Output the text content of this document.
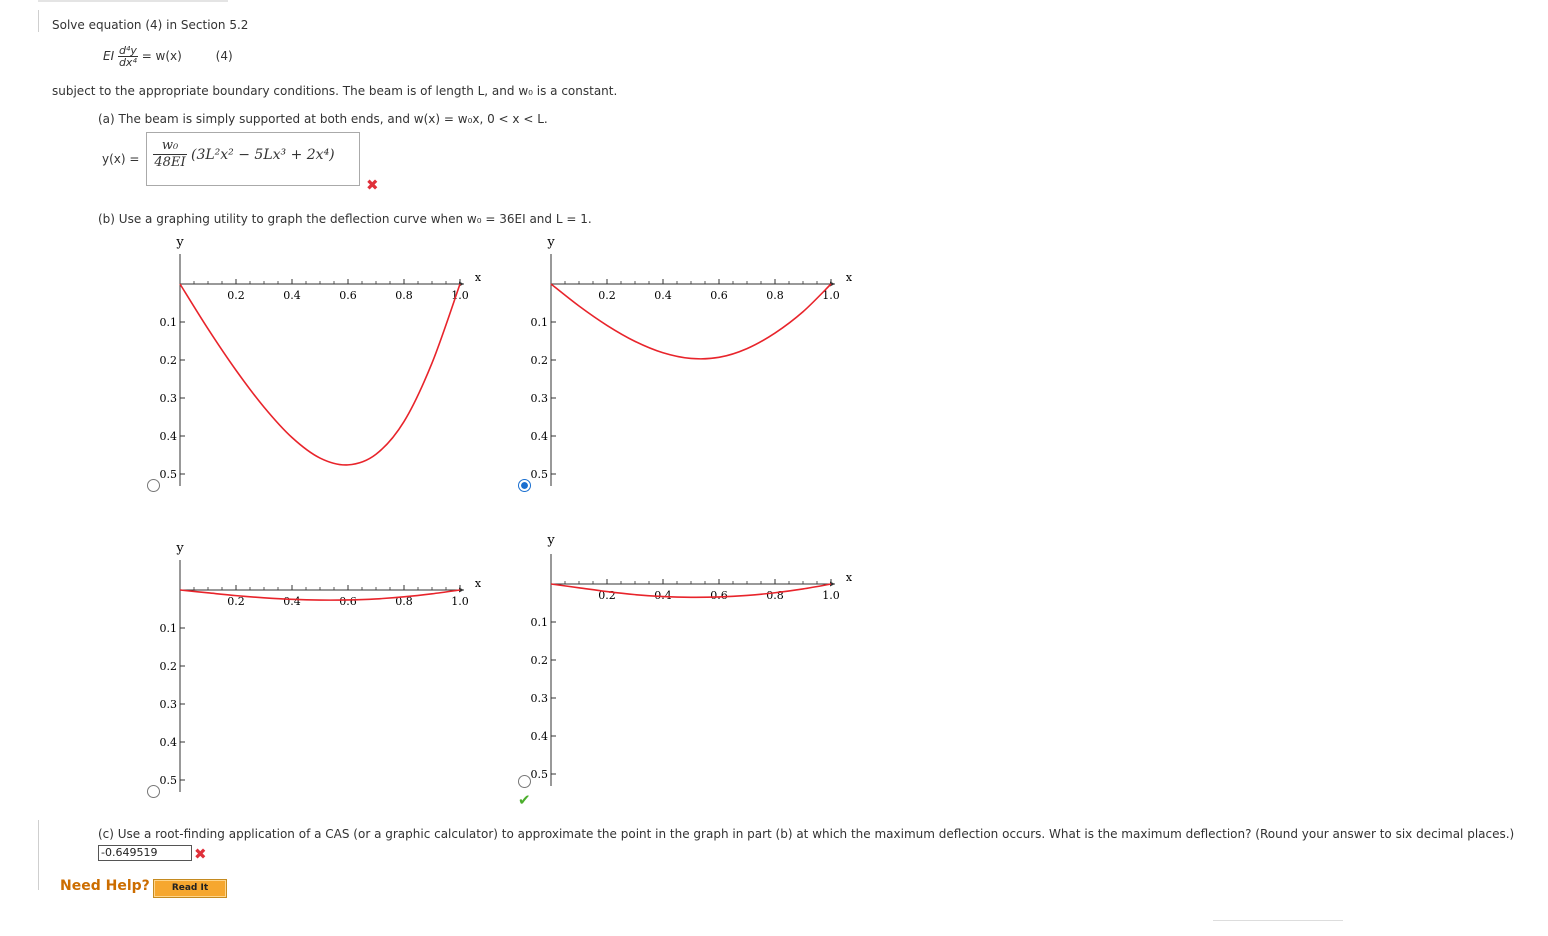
Solve equation (4) in Section 5.2
EI $\frac{\text{d⁴y}}{\text{dx⁴}} = w(x)$	(4)
subject to the appropriate boundary conditions. The beam is of length L, and w₀ is a constant.
(a) The beam is simply supported at both ends, and w(x) = w₀x, 0 < x < L.
$y(x) = \frac{\text{w₀}}{48EI} (3L^2x^2 - 5Lx^3 + 2x^4)$
✖
(b) Use a graphing utility to graph the deflection curve when w₀ = 36EI and L = 1.
y
x
0.2	0.4	0.6	0.8	1.0
0.1
0.2
0.3
0.4
0.5
y
x
0.2	0.4	0.6	0.8	1.0
0.1
0.2
0.3
0.4
0.5
y
x
0.2	0.4	0.6	0.8	1.0
0.1
0.2
0.3
0.4
0.5
y
x
0.2	0.4	0.6	0.8	1.0
0.1
0.2
0.3
0.4
0.5
✔
(c) Use a root-finding application of a CAS (or a graphic calculator) to approximate the point in the graph in part (b) at which the maximum deflection occurs. What is the maximum deflection? (Round your answer to six decimal places.)
-0.649519	✖
Need Help?	Read It
